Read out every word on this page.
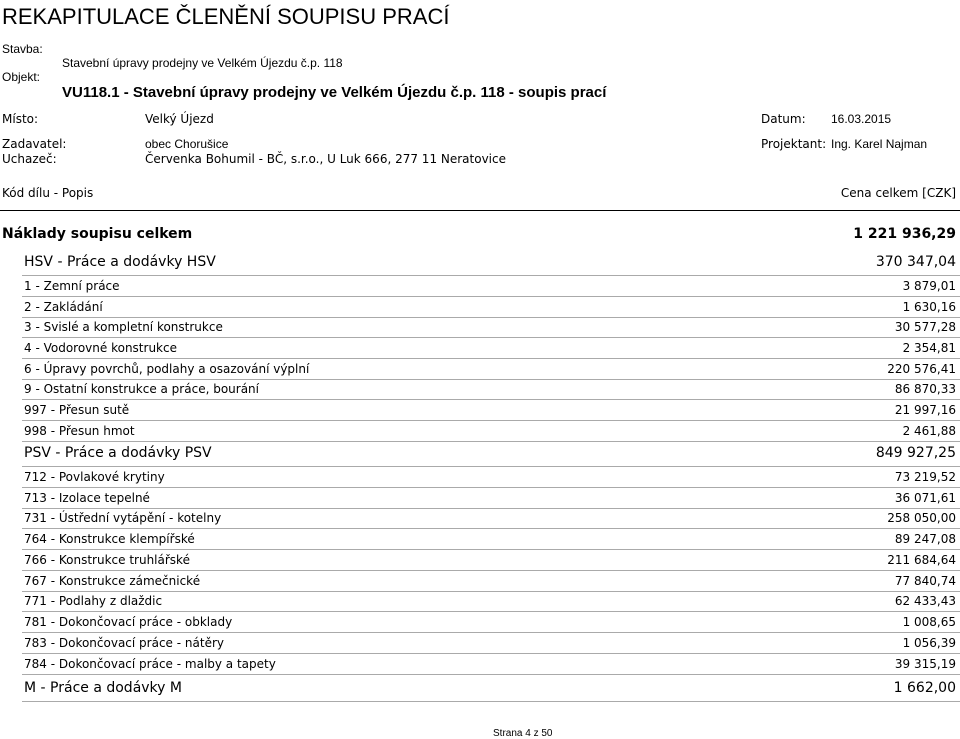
REKAPITULACE ČLENĚNÍ SOUPISU PRACÍ
Stavba:
Stavební úpravy prodejny ve Velkém Újezdu č.p. 118
Objekt:
VU118.1 - Stavební úpravy prodejny ve Velkém Újezdu č.p. 118 - soupis prací
Místo:	Velký Újezd	Datum: 16.03.2015
Zadavatel:	obec Chorušice	Projektant: Ing. Karel Najman
Uchazeč:	Červenka Bohumil - BČ, s.r.o., U Luk 666, 277 11 Neratovice
Kód dílu - Popis	Cena celkem [CZK]
Náklady soupisu celkem	1 221 936,29
HSV - Práce a dodávky HSV	370 347,04
1 - Zemní práce	3 879,01
2 - Zakládání	1 630,16
3 - Svislé a kompletní konstrukce	30 577,28
4 - Vodorovné konstrukce	2 354,81
6 - Úpravy povrchů, podlahy a osazování výplní	220 576,41
9 - Ostatní konstrukce a práce, bourání	86 870,33
997 - Přesun sutě	21 997,16
998 - Přesun hmot	2 461,88
PSV - Práce a dodávky PSV	849 927,25
712 - Povlakové krytiny	73 219,52
713 - Izolace tepelné	36 071,61
731 - Ústřední vytápění - kotelny	258 050,00
764 - Konstrukce klempířské	89 247,08
766 - Konstrukce truhlářské	211 684,64
767 - Konstrukce zámečnické	77 840,74
771 - Podlahy z dlaždic	62 433,43
781 - Dokončovací práce - obklady	1 008,65
783 - Dokončovací práce - nátěry	1 056,39
784 - Dokončovací práce - malby a tapety	39 315,19
M - Práce a dodávky M	1 662,00
Strana 4 z 50
